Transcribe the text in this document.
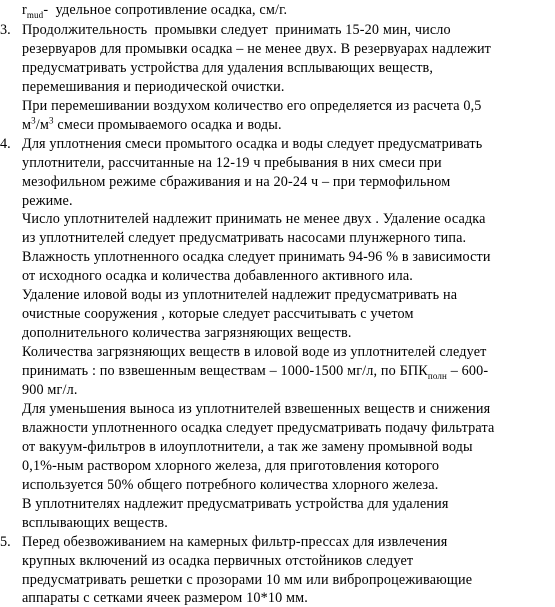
$r_{mud}-$  удельное сопротивление осадка, см/г.
3. Продолжительность  промывки следует  принимать 15-20 мин, число
резервуаров для промывки осадка – не менее двух. В резервуарах надлежит
предусматривать устройства для удаления всплывающих веществ,
перемешивания и периодической очистки.
При перемешивании воздухом количество его определяется из расчета 0,5
$м^3/м^3$ смеси промываемого осадка и воды.
4. Для уплотнения смеси промытого осадка и воды следует предусматривать
уплотнители, рассчитанные на 12-19 ч пребывания в них смеси при
мезофильном режиме сбраживания и на 20-24 ч – при термофильном
режиме.
Число уплотнителей надлежит принимать не менее двух . Удаление осадка
из уплотнителей следует предусматривать насосами плунжерного типа.
Влажность уплотненного осадка следует принимать 94-96 % в зависимости
от исходного осадка и количества добавленного активного ила.
Удаление иловой воды из уплотнителей надлежит предусматривать на
очистные сооружения , которые следует рассчитывать с учетом
дополнительного количества загрязняющих веществ.
Количества загрязняющих веществ в иловой воде из уплотнителей следует
принимать : по взвешенным веществам – 1000-1500 мг/л, по $БПК_{полн} - 600-$
900 мг/л.
Для уменьшения выноса из уплотнителей взвешенных веществ и снижения
влажности уплотненного осадка следует предусматривать подачу фильтрата
от вакуум-фильтров в илоуплотнители, а так же замену промывной воды
0,1%-ным раствором хлорного железа, для приготовления которого
используется 50% общего потребного количества хлорного железа.
В уплотнителях надлежит предусматривать устройства для удаления
всплывающих веществ.
5. Перед обезвоживанием на камерных фильтр-прессах для извлечения
крупных включений из осадка первичных отстойников следует
предусматривать решетки с прозорами 10 мм или вибропроцеживающие
аппараты с сетками ячеек размером 10*10 мм.
